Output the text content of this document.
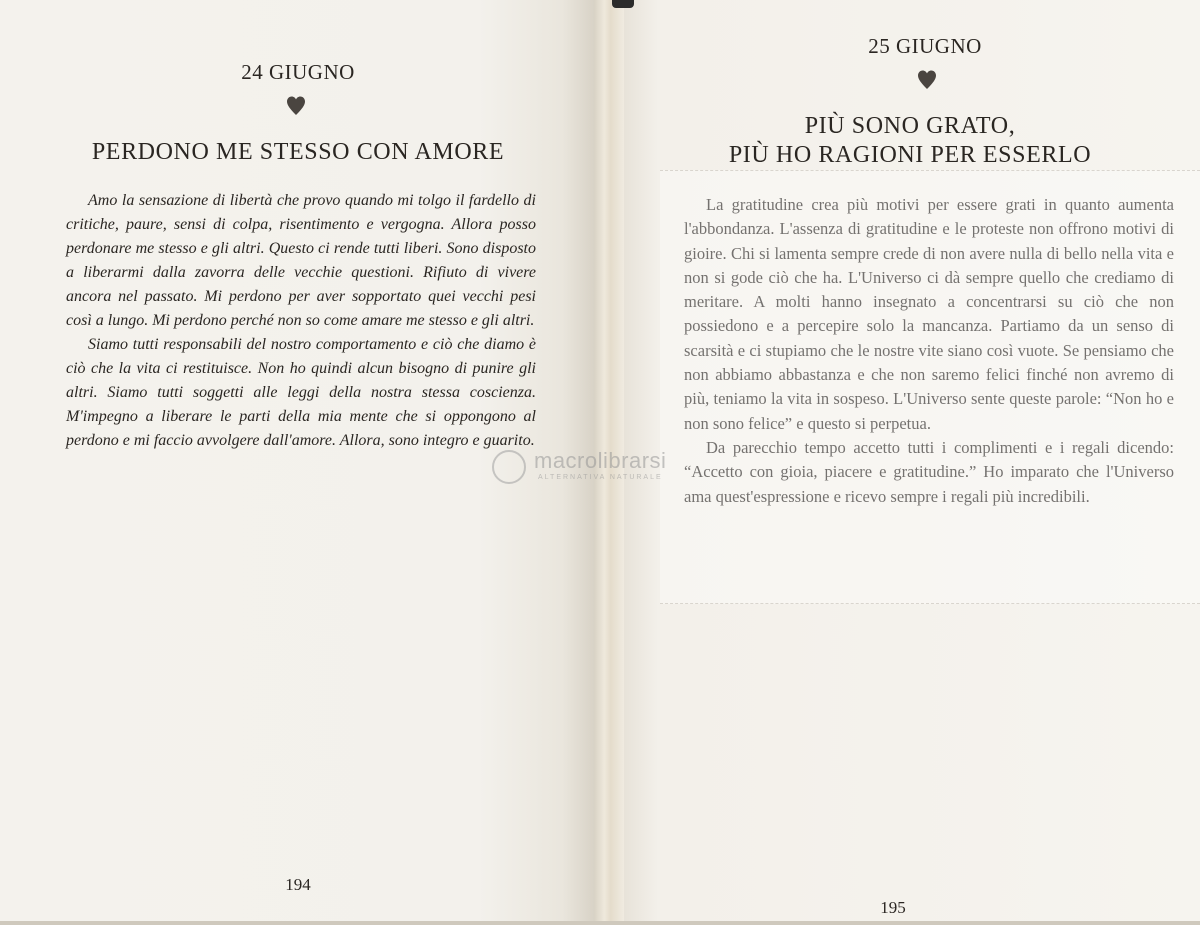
24 GIUGNO
PERDONO ME STESSO CON AMORE

Amo la sensazione di libertà che provo quando mi tolgo il fardello di critiche, paure, sensi di colpa, risentimento e vergogna. Allora posso perdonare me stesso e gli altri. Questo ci rende tutti liberi. Sono disposto a liberarmi dalla zavorra delle vecchie questioni. Rifiuto di vivere ancora nel passato. Mi perdono per aver sopportato quei vecchi pesi così a lungo. Mi perdono perché non so come amare me stesso e gli altri.

Siamo tutti responsabili del nostro comportamento e ciò che diamo è ciò che la vita ci restituisce. Non ho quindi alcun bisogno di punire gli altri. Siamo tutti soggetti alle leggi della nostra stessa coscienza. M'impegno a liberare le parti della mia mente che si oppongono al perdono e mi faccio avvolgere dall'amore. Allora, sono integro e guarito.

194
25 GIUGNO
PIÙ SONO GRATO,
PIÙ HO RAGIONI PER ESSERLO

La gratitudine crea più motivi per essere grati in quanto aumenta l'abbondanza. L'assenza di gratitudine e le proteste non offrono motivi di gioire. Chi si lamenta sempre crede di non avere nulla di bello nella vita e non si gode ciò che ha. L'Universo ci dà sempre quello che crediamo di meritare. A molti hanno insegnato a concentrarsi su ciò che non possiedono e a percepire solo la mancanza. Partiamo da un senso di scarsità e ci stupiamo che le nostre vite siano così vuote. Se pensiamo che non abbiamo abbastanza e che non saremo felici finché non avremo di più, teniamo la vita in sospeso. L'Universo sente queste parole: “Non ho e non sono felice” e questo si perpetua.

Da parecchio tempo accetto tutti i complimenti e i regali dicendo: “Accetto con gioia, piacere e gratitudine.” Ho imparato che l'Universo ama quest'espressione e ricevo sempre i regali più incredibili.

195
macrolibrarsi
ALTERNATIVA NATURALE
